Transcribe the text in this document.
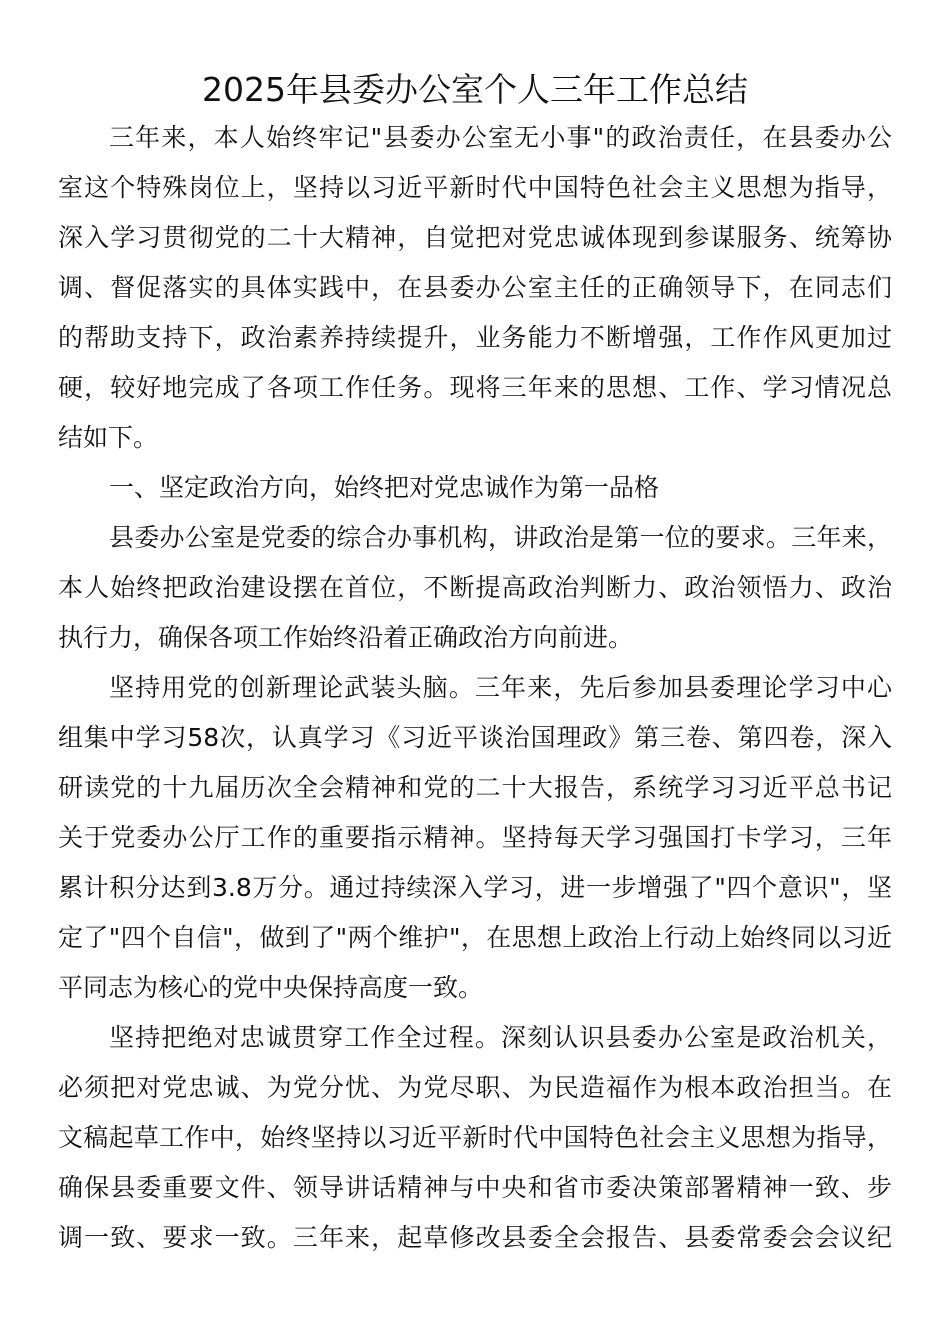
2025年县委办公室个人三年工作总结
三年来，本人始终牢记"县委办公室无小事"的政治责任，在县委办公
室这个特殊岗位上，坚持以习近平新时代中国特色社会主义思想为指导，
深入学习贯彻党的二十大精神，自觉把对党忠诚体现到参谋服务、统筹协
调、督促落实的具体实践中，在县委办公室主任的正确领导下，在同志们
的帮助支持下，政治素养持续提升，业务能力不断增强，工作作风更加过
硬，较好地完成了各项工作任务。现将三年来的思想、工作、学习情况总
结如下。
一、坚定政治方向，始终把对党忠诚作为第一品格
县委办公室是党委的综合办事机构，讲政治是第一位的要求。三年来，
本人始终把政治建设摆在首位，不断提高政治判断力、政治领悟力、政治
执行力，确保各项工作始终沿着正确政治方向前进。
坚持用党的创新理论武装头脑。三年来，先后参加县委理论学习中心
组集中学习58次，认真学习《习近平谈治国理政》第三卷、第四卷，深入
研读党的十九届历次全会精神和党的二十大报告，系统学习习近平总书记
关于党委办公厅工作的重要指示精神。坚持每天学习强国打卡学习，三年
累计积分达到3.8万分。通过持续深入学习，进一步增强了"四个意识"，坚
定了"四个自信"，做到了"两个维护"，在思想上政治上行动上始终同以习近
平同志为核心的党中央保持高度一致。
坚持把绝对忠诚贯穿工作全过程。深刻认识县委办公室是政治机关，
必须把对党忠诚、为党分忧、为党尽职、为民造福作为根本政治担当。在
文稿起草工作中，始终坚持以习近平新时代中国特色社会主义思想为指导，
确保县委重要文件、领导讲话精神与中央和省市委决策部署精神一致、步
调一致、要求一致。三年来，起草修改县委全会报告、县委常委会会议纪
